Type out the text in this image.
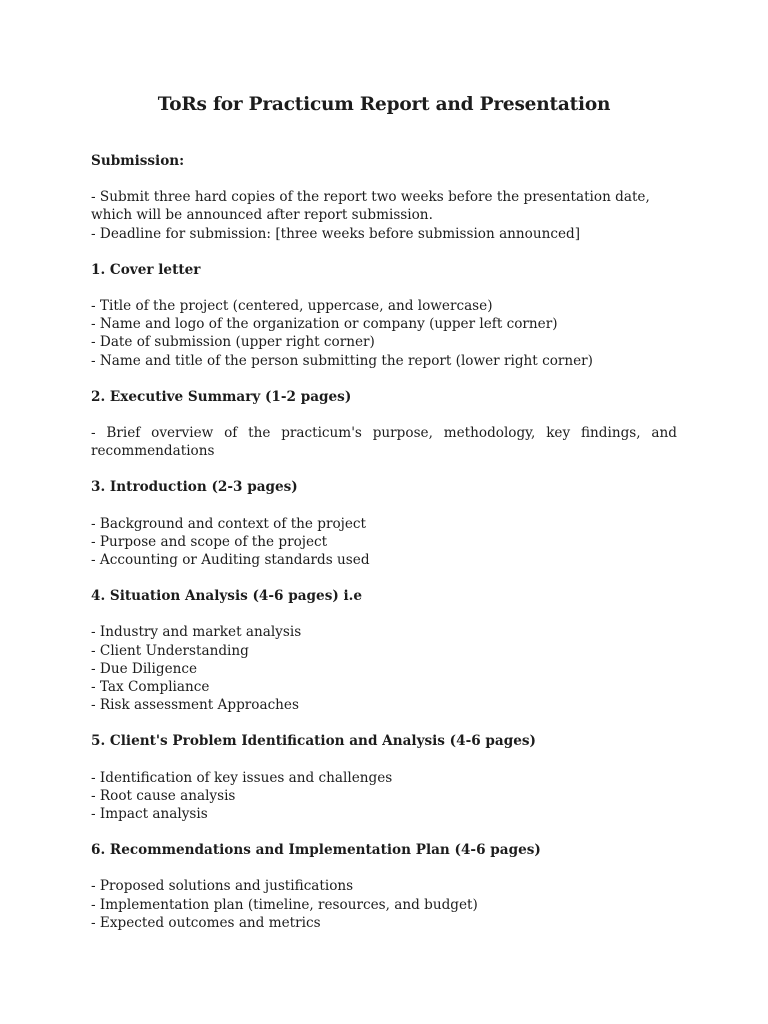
ToRs for Practicum Report and Presentation
Submission:
- Submit three hard copies of the report two weeks before the presentation date, which will be announced after report submission.
- Deadline for submission: [three weeks before submission announced]
1. Cover letter
- Title of the project (centered, uppercase, and lowercase)
- Name and logo of the organization or company (upper left corner)
- Date of submission (upper right corner)
- Name and title of the person submitting the report (lower right corner)
2. Executive Summary (1-2 pages)
- Brief overview of the practicum's purpose, methodology, key findings, and recommendations
3. Introduction (2-3 pages)
- Background and context of the project
- Purpose and scope of the project
- Accounting or Auditing standards used
4. Situation Analysis (4-6 pages) i.e
- Industry and market analysis
- Client Understanding
- Due Diligence
- Tax Compliance
- Risk assessment Approaches
5. Client's Problem Identification and Analysis (4-6 pages)
- Identification of key issues and challenges
- Root cause analysis
- Impact analysis
6. Recommendations and Implementation Plan (4-6 pages)
- Proposed solutions and justifications
- Implementation plan (timeline, resources, and budget)
- Expected outcomes and metrics
